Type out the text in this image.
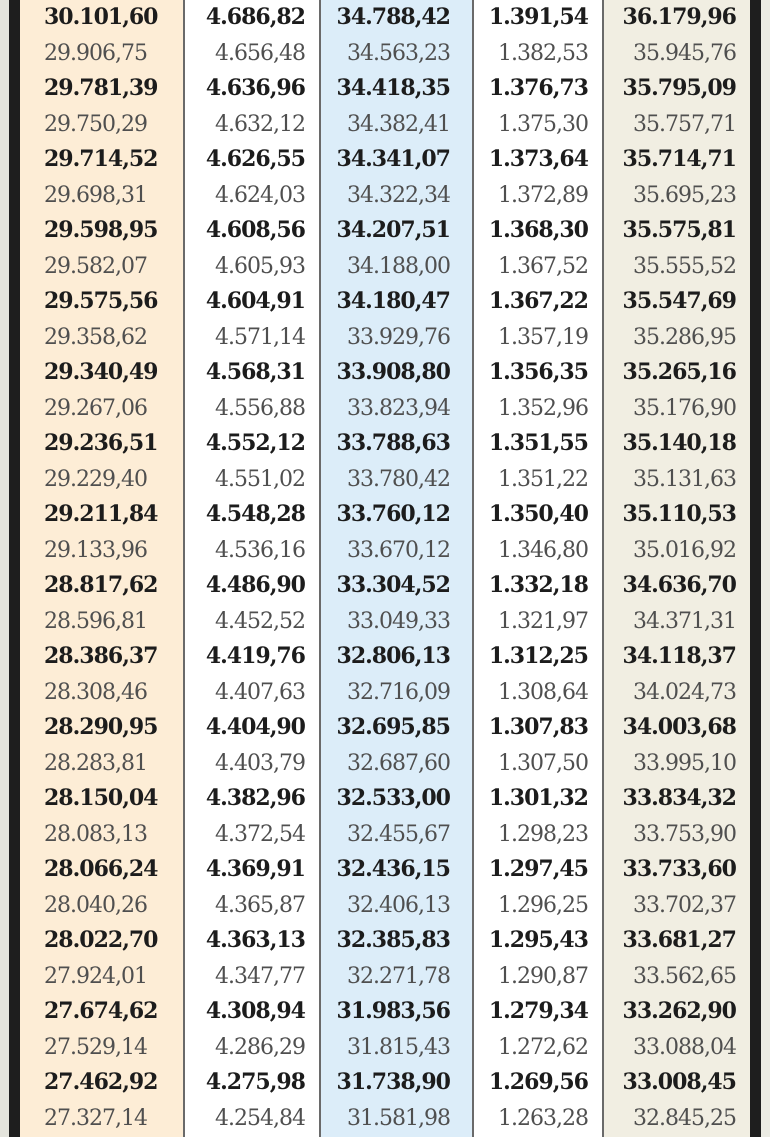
30.101,60
29.906,75
29.781,39
29.750,29
29.714,52
29.698,31
29.598,95
29.582,07
29.575,56
29.358,62
29.340,49
29.267,06
29.236,51
29.229,40
29.211,84
29.133,96
28.817,62
28.596,81
28.386,37
28.308,46
28.290,95
28.283,81
28.150,04
28.083,13
28.066,24
28.040,26
28.022,70
27.924,01
27.674,62
27.529,14
27.462,92
27.327,14
4.686,82
4.656,48
4.636,96
4.632,12
4.626,55
4.624,03
4.608,56
4.605,93
4.604,91
4.571,14
4.568,31
4.556,88
4.552,12
4.551,02
4.548,28
4.536,16
4.486,90
4.452,52
4.419,76
4.407,63
4.404,90
4.403,79
4.382,96
4.372,54
4.369,91
4.365,87
4.363,13
4.347,77
4.308,94
4.286,29
4.275,98
4.254,84
34.788,42
34.563,23
34.418,35
34.382,41
34.341,07
34.322,34
34.207,51
34.188,00
34.180,47
33.929,76
33.908,80
33.823,94
33.788,63
33.780,42
33.760,12
33.670,12
33.304,52
33.049,33
32.806,13
32.716,09
32.695,85
32.687,60
32.533,00
32.455,67
32.436,15
32.406,13
32.385,83
32.271,78
31.983,56
31.815,43
31.738,90
31.581,98
1.391,54
1.382,53
1.376,73
1.375,30
1.373,64
1.372,89
1.368,30
1.367,52
1.367,22
1.357,19
1.356,35
1.352,96
1.351,55
1.351,22
1.350,40
1.346,80
1.332,18
1.321,97
1.312,25
1.308,64
1.307,83
1.307,50
1.301,32
1.298,23
1.297,45
1.296,25
1.295,43
1.290,87
1.279,34
1.272,62
1.269,56
1.263,28
36.179,96
35.945,76
35.795,09
35.757,71
35.714,71
35.695,23
35.575,81
35.555,52
35.547,69
35.286,95
35.265,16
35.176,90
35.140,18
35.131,63
35.110,53
35.016,92
34.636,70
34.371,31
34.118,37
34.024,73
34.003,68
33.995,10
33.834,32
33.753,90
33.733,60
33.702,37
33.681,27
33.562,65
33.262,90
33.088,04
33.008,45
32.845,25
